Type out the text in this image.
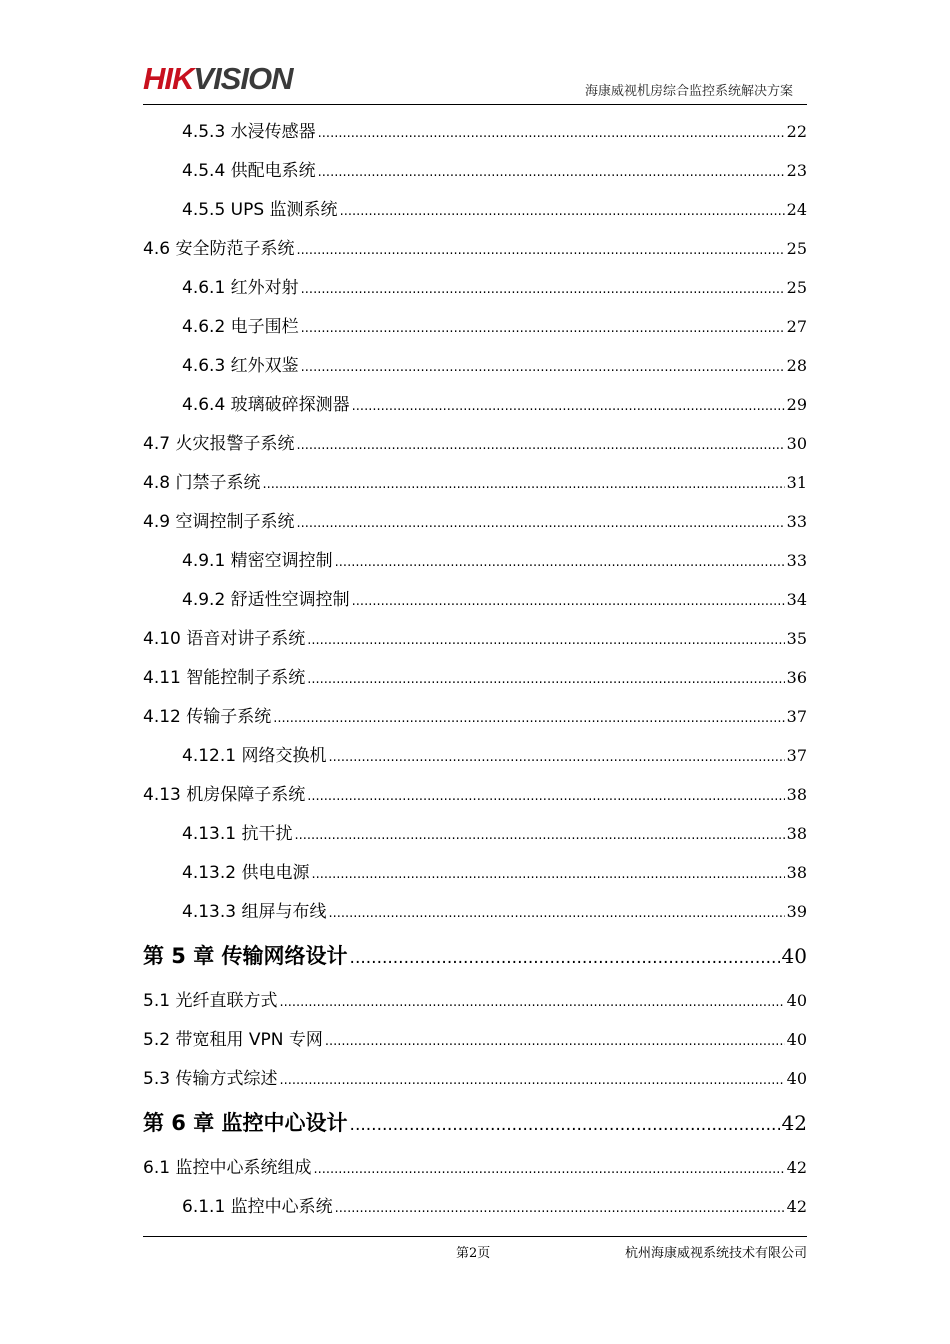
HIKVISION	海康威视机房综合监控系统解决方案
4.5.3 水浸传感器 .....	22
4.5.4 供配电系统 .....	23
4.5.5 UPS 监测系统 .....	24
4.6 安全防范子系统 .....	25
4.6.1 红外对射 .....	25
4.6.2 电子围栏 .....	27
4.6.3 红外双鉴 .....	28
4.6.4 玻璃破碎探测器 .....	29
4.7 火灾报警子系统 .....	30
4.8 门禁子系统 .....	31
4.9 空调控制子系统 .....	33
4.9.1 精密空调控制 .....	33
4.9.2 舒适性空调控制 .....	34
4.10 语音对讲子系统 .....	35
4.11 智能控制子系统 .....	36
4.12 传输子系统 .....	37
4.12.1 网络交换机 .....	37
4.13 机房保障子系统 .....	38
4.13.1 抗干扰 .....	38
4.13.2 供电电源 .....	38
4.13.3 组屏与布线 .....	39
第 5 章 传输网络设计 .....	40
5.1 光纤直联方式 .....	40
5.2 带宽租用 VPN 专网 .....	40
5.3 传输方式综述 .....	40
第 6 章 监控中心设计 .....	42
6.1 监控中心系统组成 .....	42
6.1.1 监控中心系统 .....	42
第2页	杭州海康威视系统技术有限公司
